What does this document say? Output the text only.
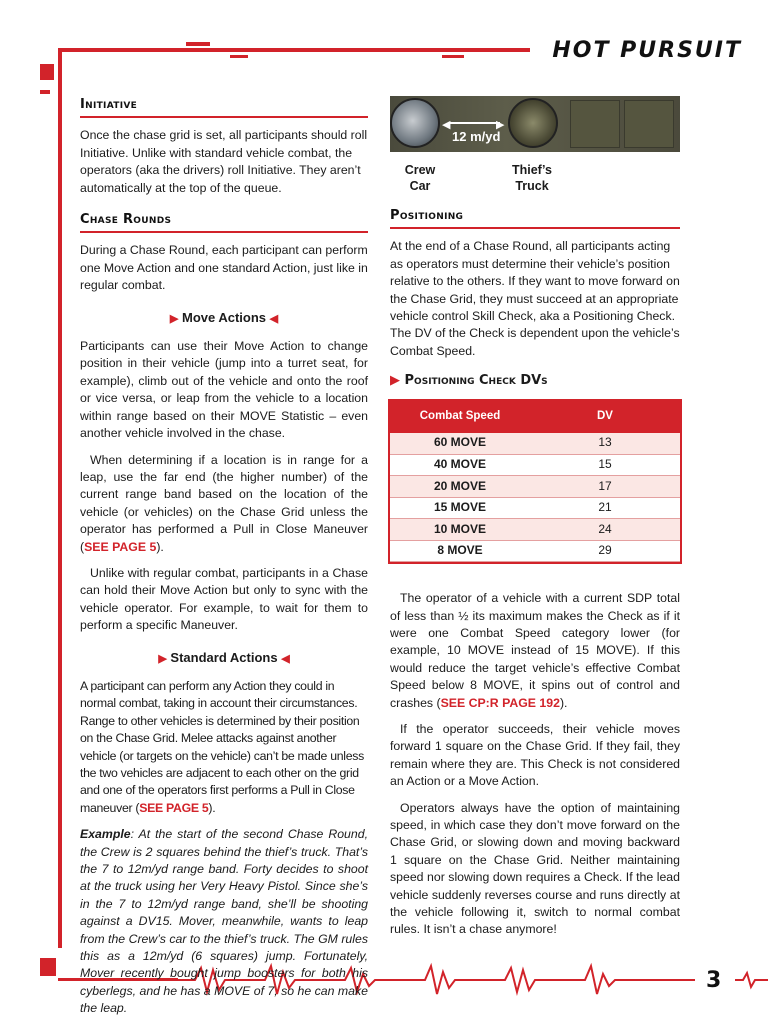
HOT PURSUIT
3
Initiative

Once the chase grid is set, all participants should roll Initiative. Unlike with standard vehicle combat, the operators (aka the drivers) roll Initiative. They aren’t automatically at the top of the queue.

Chase Rounds

During a Chase Round, each participant can perform one Move Action and one standard Action, just like in regular combat.

▶ Move Actions ◀

Participants can use their Move Action to change position in their vehicle (jump into a turret seat, for example), climb out of the vehicle and onto the roof or vice versa, or leap from the vehicle to a location within range based on their MOVE Statistic – even another vehicle involved in the chase.

When determining if a location is in range for a leap, use the far end (the higher number) of the current range band based on the location of the vehicle (or vehicles) on the Chase Grid unless the operator has performed a Pull in Close Maneuver (SEE PAGE 5).

Unlike with regular combat, participants in a Chase can hold their Move Action but only to sync with the vehicle operator. For example, to wait for them to perform a specific Maneuver.

▶ Standard Actions ◀

A participant can perform any Action they could in normal combat, taking in account their circumstances. Range to other vehicles is determined by their position on the Chase Grid. Melee attacks against another vehicle (or targets on the vehicle) can’t be made unless the two vehicles are adjacent to each other on the grid and one of the operators first performs a Pull in Close maneuver (SEE PAGE 5).

Example: At the start of the second Chase Round, the Crew is 2 squares behind the thief’s truck. That’s the 7 to 12m/yd range band. Forty decides to shoot at the truck using her Very Heavy Pistol. Since she’s in the 7 to 12m/yd range band, she’ll be shooting against a DV15. Mover, meanwhile, wants to leap from the Crew’s car to the thief’s truck. The GM rules this as a 12m/yd (6 squares) jump. Fortunately, Mover recently bought jump boosters for both his cyberlegs, and he has a MOVE of 7, so he can make the leap.

◀	▶
12 m/yd
Crew Car
Thief’s Truck
Positioning

At the end of a Chase Round, all participants acting as operators must determine their vehicle’s position relative to the others. If they want to move forward on the Chase Grid, they must succeed at an appropriate vehicle control Skill Check, aka a Positioning Check. The DV of the Check is dependent upon the vehicle’s Combat Speed.

▶ Positioning Check DVs
Combat Speed	DV
60 MOVE	13
40 MOVE	15
20 MOVE	17
15 MOVE	21
10 MOVE	24
8 MOVE	29

The operator of a vehicle with a current SDP total of less than ½ its maximum makes the Check as if it were one Combat Speed category lower (for example, 10 MOVE instead of 15 MOVE). If this would reduce the target vehicle’s effective Combat Speed below 8 MOVE, it spins out of control and crashes (SEE CP:R PAGE 192).

If the operator succeeds, their vehicle moves forward 1 square on the Chase Grid. If they fail, they remain where they are. This Check is not considered an Action or a Move Action.

Operators always have the option of maintaining speed, in which case they don’t move forward on the Chase Grid, or slowing down and moving backward 1 square on the Chase Grid. Neither maintaining speed nor slowing down requires a Check. If the lead vehicle suddenly reverses course and runs directly at the vehicle following it, switch to normal combat rules. It isn’t a chase anymore!
